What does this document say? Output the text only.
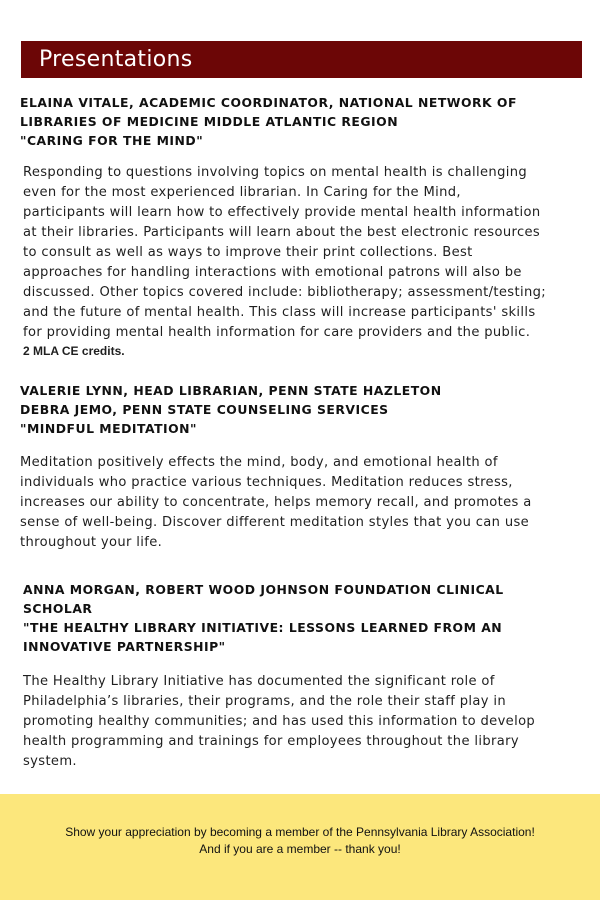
Presentations

ELAINA VITALE, ACADEMIC COORDINATOR, NATIONAL NETWORK OF

LIBRARIES OF MEDICINE MIDDLE ATLANTIC REGION

"CARING FOR THE MIND"

Responding to questions involving topics on mental health is challenging

even for the most experienced librarian. In Caring for the Mind,

participants will learn how to effectively provide mental health information

at their libraries. Participants will learn about the best electronic resources

to consult as well as ways to improve their print collections. Best

approaches for handling interactions with emotional patrons will also be

discussed. Other topics covered include: bibliotherapy; assessment/testing;

and the future of mental health. This class will increase participants' skills

for providing mental health information for care providers and the public.

2 MLA CE credits.

VALERIE LYNN, HEAD LIBRARIAN, PENN STATE HAZLETON

DEBRA JEMO, PENN STATE COUNSELING SERVICES

"MINDFUL MEDITATION"

Meditation positively effects the mind, body, and emotional health of

individuals who practice various techniques. Meditation reduces stress,

increases our ability to concentrate, helps memory recall, and promotes a

sense of well-being. Discover different meditation styles that you can use

throughout your life.

ANNA MORGAN, ROBERT WOOD JOHNSON FOUNDATION CLINICAL

SCHOLAR

"THE HEALTHY LIBRARY INITIATIVE: LESSONS LEARNED FROM AN

INNOVATIVE PARTNERSHIP"

The Healthy Library Initiative has documented the significant role of

Philadelphia’s libraries, their programs, and the role their staff play in

promoting healthy communities; and has used this information to develop

health programming and trainings for employees throughout the library

system.

Show your appreciation by becoming a member of the Pennsylvania Library Association!

And if you are a member -- thank you!
